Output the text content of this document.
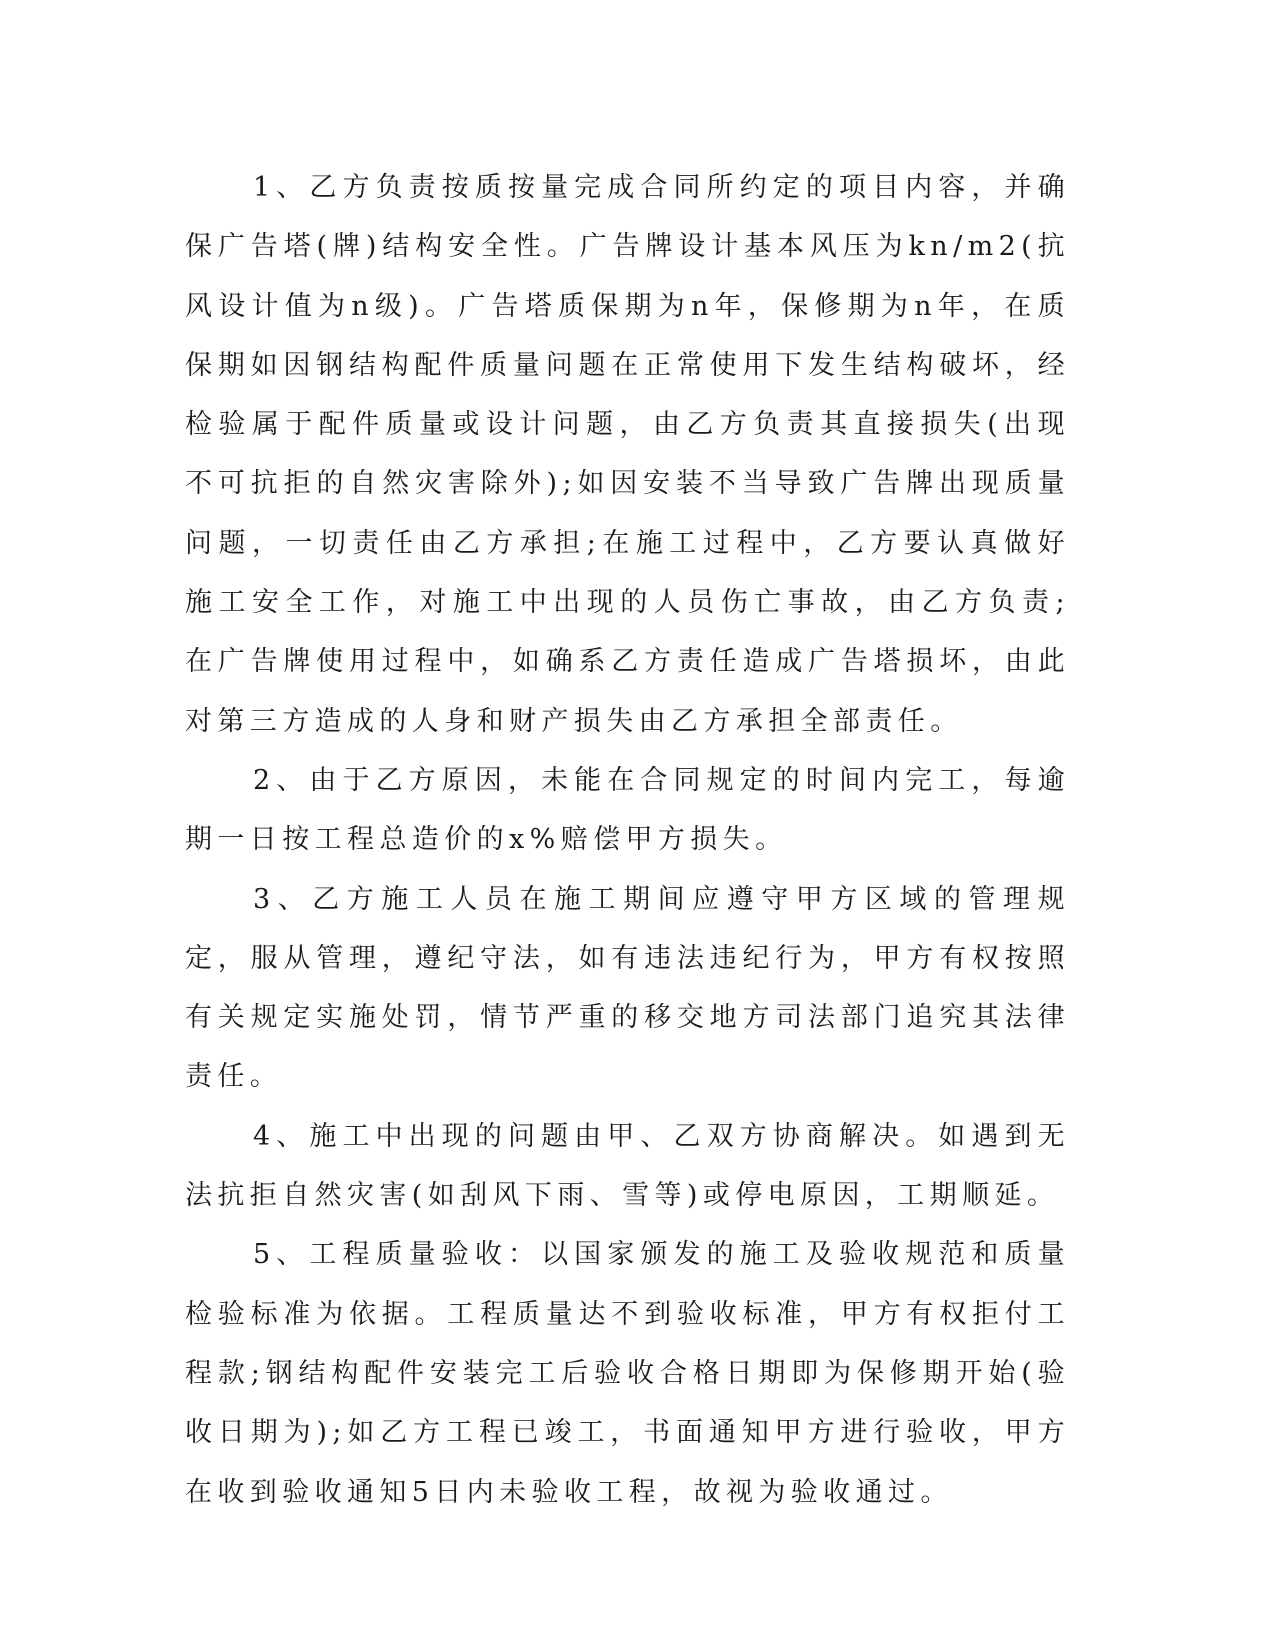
1、乙方负责按质按量完成合同所约定的项目内容，并确保广告塔(牌)结构安全性。广告牌设计基本风压为kn/m2(抗风设计值为n级)。广告塔质保期为n年，保修期为n年，在质保期如因钢结构配件质量问题在正常使用下发生结构破坏，经检验属于配件质量或设计问题，由乙方负责其直接损失(出现不可抗拒的自然灾害除外);如因安装不当导致广告牌出现质量问题，一切责任由乙方承担;在施工过程中，乙方要认真做好施工安全工作，对施工中出现的人员伤亡事故，由乙方负责;在广告牌使用过程中，如确系乙方责任造成广告塔损坏，由此对第三方造成的人身和财产损失由乙方承担全部责任。

2、由于乙方原因，未能在合同规定的时间内完工，每逾期一日按工程总造价的x%赔偿甲方损失。

3、乙方施工人员在施工期间应遵守甲方区域的管理规定，服从管理，遵纪守法，如有违法违纪行为，甲方有权按照有关规定实施处罚，情节严重的移交地方司法部门追究其法律责任。

4、施工中出现的问题由甲、乙双方协商解决。如遇到无法抗拒自然灾害(如刮风下雨、雪等)或停电原因，工期顺延。

5、工程质量验收：以国家颁发的施工及验收规范和质量检验标准为依据。工程质量达不到验收标准，甲方有权拒付工程款;钢结构配件安装完工后验收合格日期即为保修期开始(验收日期为);如乙方工程已竣工，书面通知甲方进行验收，甲方在收到验收通知5日内未验收工程，故视为验收通过。
